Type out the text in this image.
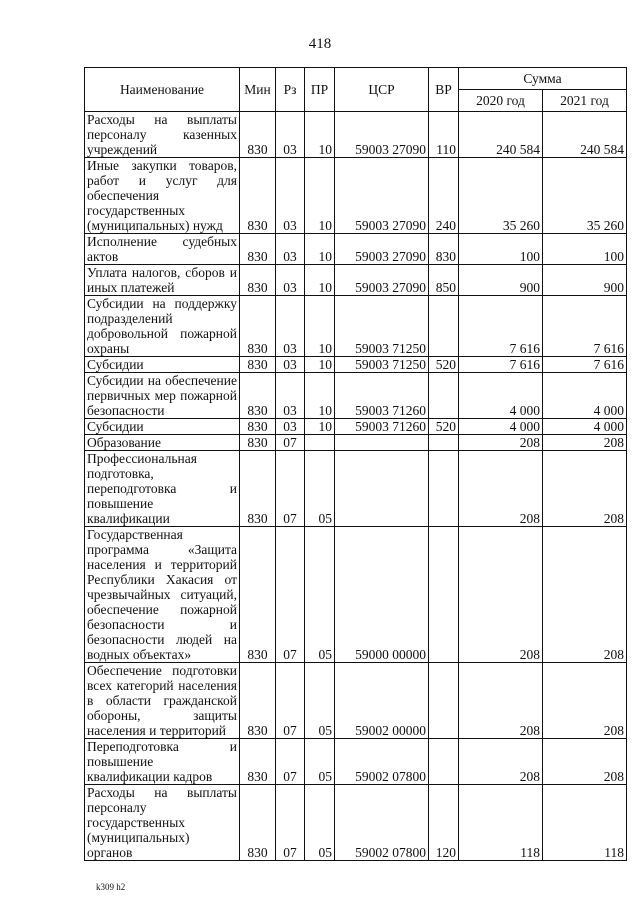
418
Наименование	Мин	Рз	ПР	ЦСР	ВР	Сумма	
						2020 год	2021 год
Расходы на выплаты персоналу казенных учреждений	830	03	10	59003 27090	110	240 584	240 584
Иные закупки товаров, работ и услуг для обеспечения государственных (муниципальных) нужд	830	03	10	59003 27090	240	35 260	35 260
Исполнение судебных актов	830	03	10	59003 27090	830	100	100
Уплата налогов, сборов и иных платежей	830	03	10	59003 27090	850	900	900
Субсидии на поддержку подразделений добровольной пожарной охраны	830	03	10	59003 71250		7 616	7 616
Субсидии	830	03	10	59003 71250	520	7 616	7 616
Субсидии на обеспечение первичных мер пожарной безопасности	830	03	10	59003 71260		4 000	4 000
Субсидии	830	03	10	59003 71260	520	4 000	4 000
Образование	830	07				208	208
Профессиональная подготовка, переподготовка и повышение квалификации	830	07	05			208	208
Государственная программа «Защита населения и территорий Республики Хакасия от чрезвычайных ситуаций, обеспечение пожарной безопасности и безопасности людей на водных объектах»	830	07	05	59000 00000		208	208
Обеспечение подготовки всех категорий населения в области гражданской обороны, защиты населения и территорий	830	07	05	59002 00000		208	208
Переподготовка и повышение квалификации кадров	830	07	05	59002 07800		208	208
Расходы на выплаты персоналу государственных (муниципальных) органов	830	07	05	59002 07800	120	118	118
k309 h2
